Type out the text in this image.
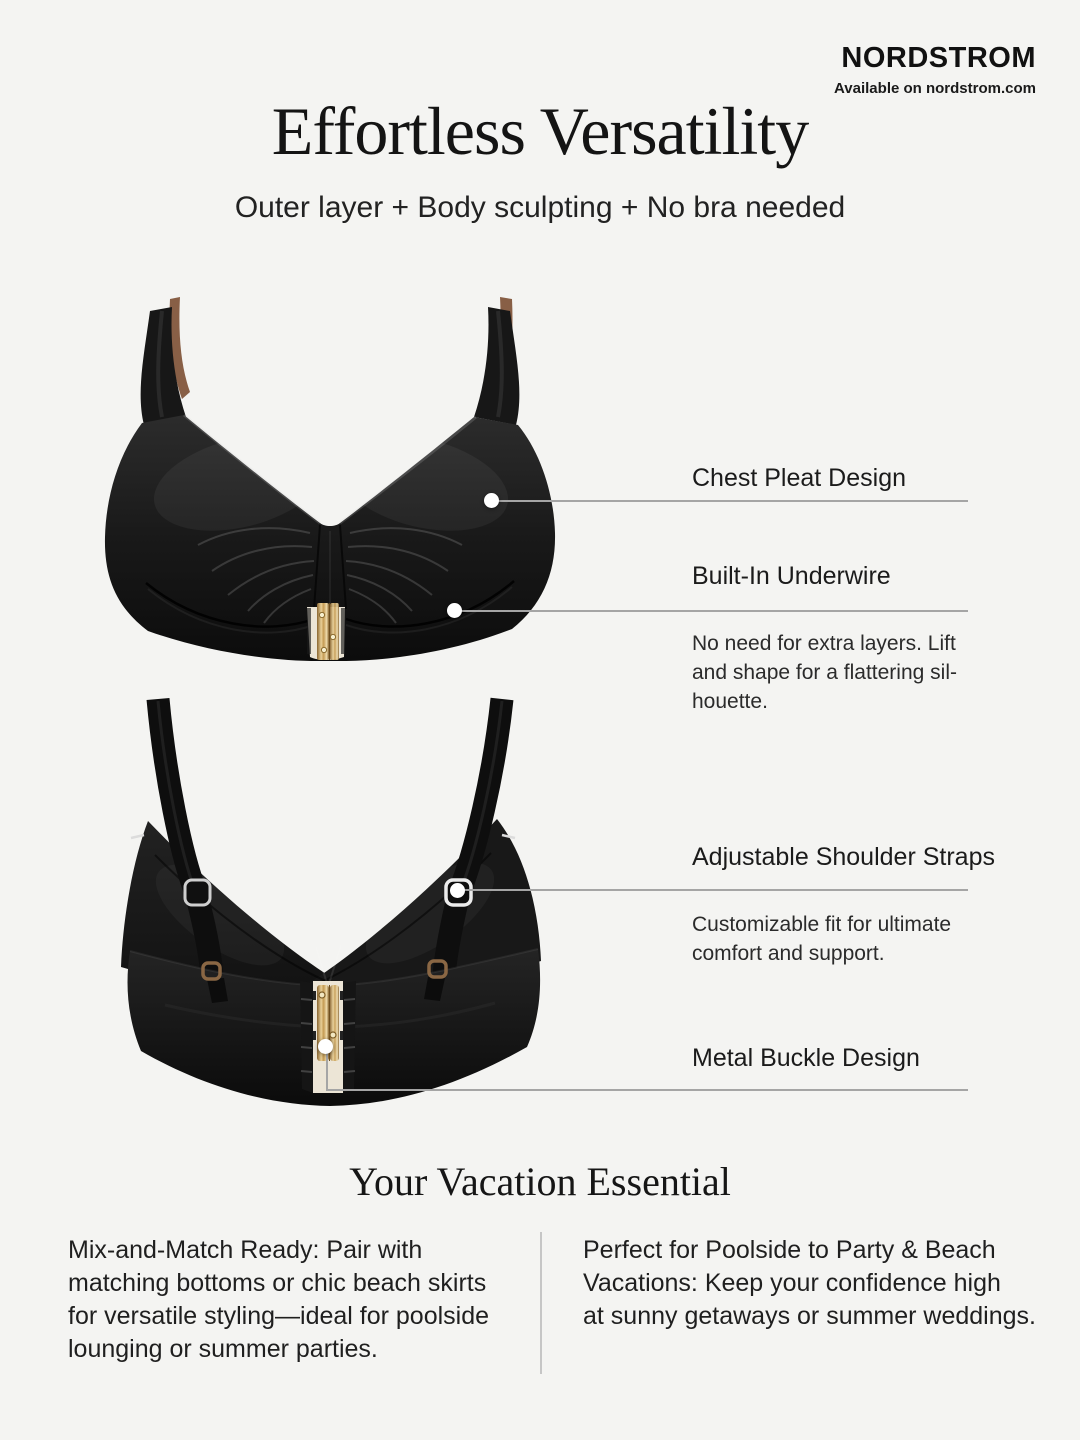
NORDSTROM
Available on nordstrom.com
Effortless Versatility
Outer layer + Body sculpting + No bra needed
Chest Pleat Design
Built-In Underwire
No need for extra layers. Lift
and shape for a flattering sil-
houette.
Adjustable Shoulder Straps
Customizable fit for ultimate
comfort and support.
Metal Buckle Design
Your Vacation Essential
Mix-and-Match Ready: Pair with
matching bottoms or chic beach skirts
for versatile styling—ideal for poolside
lounging or summer parties.
Perfect for Poolside to Party & Beach
Vacations: Keep your confidence high
at sunny getaways or summer weddings.
